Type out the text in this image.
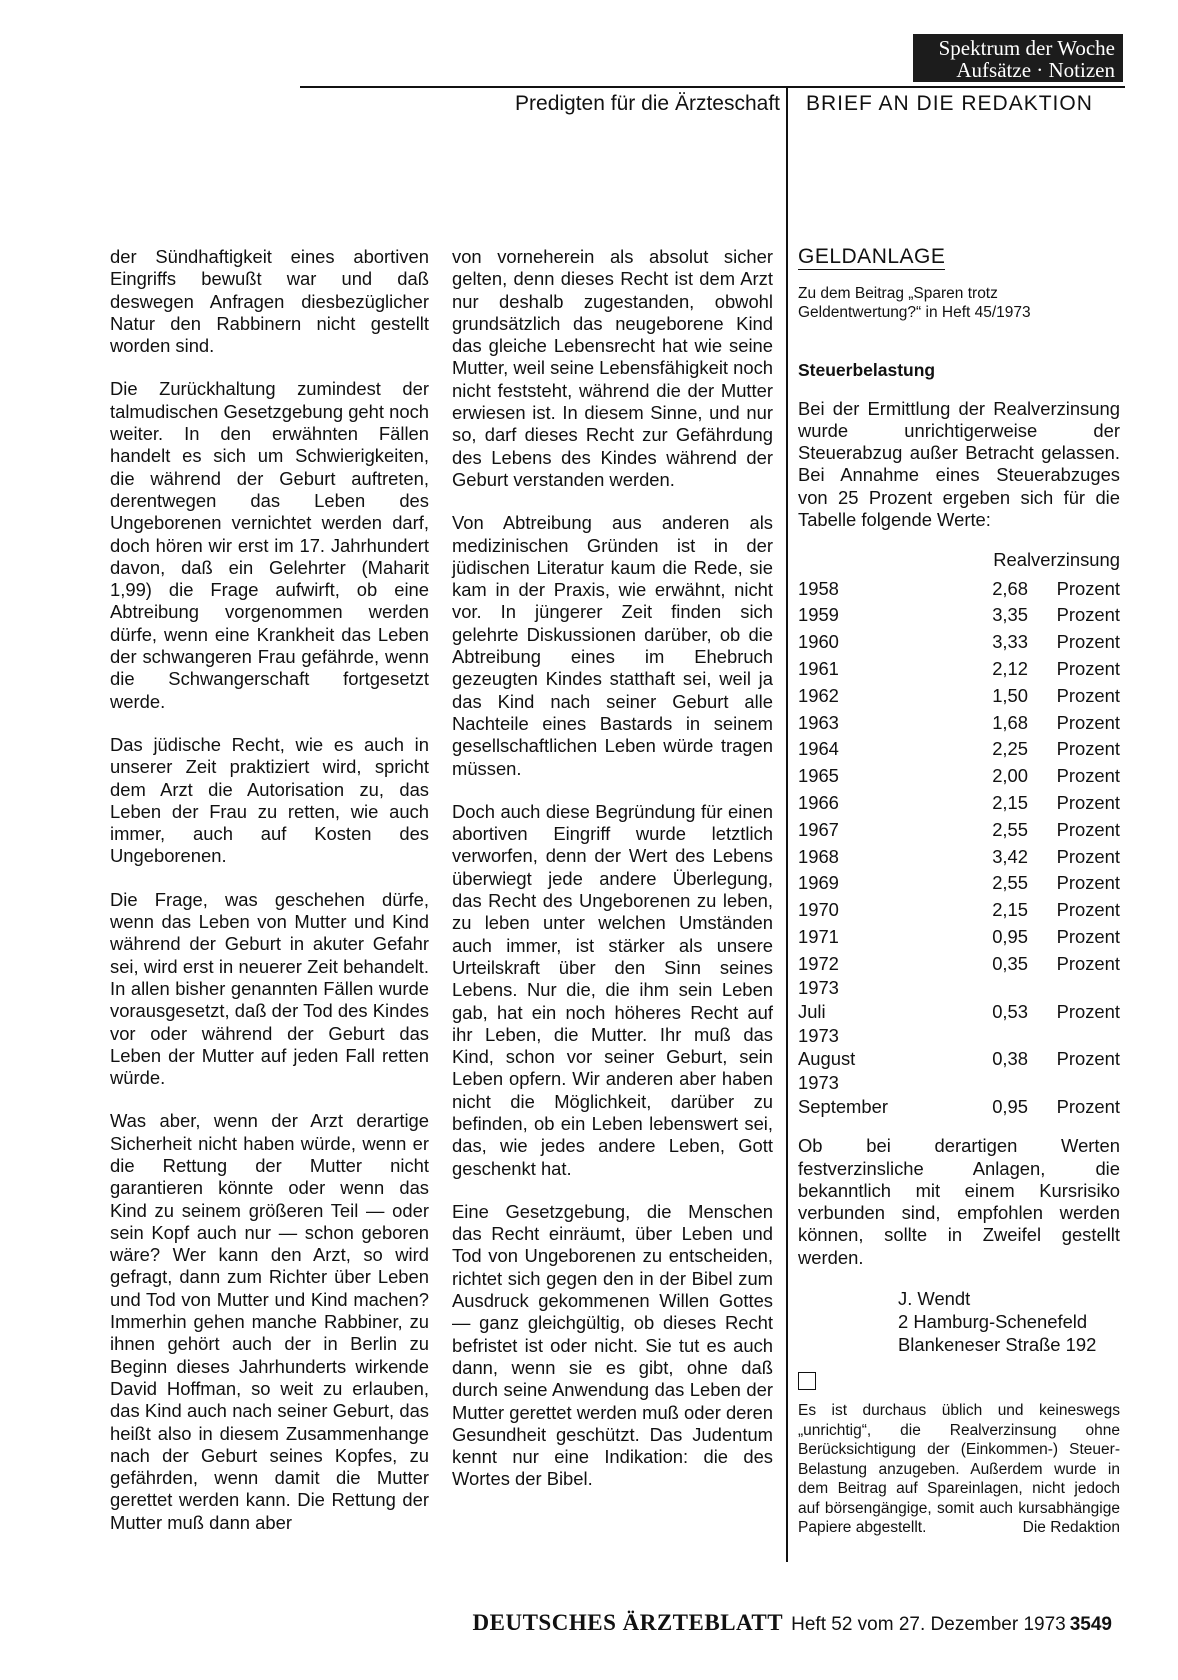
Spektrum der Woche
Aufsätze · Notizen
Predigten für die Ärzteschaft BRIEF AN DIE REDAKTION

der Sündhaftigkeit eines abortiven Eingriffs bewußt war und daß deswegen Anfragen diesbezüglicher Natur den Rabbinern nicht gestellt worden sind.

Die Zurückhaltung zumindest der talmudischen Gesetzgebung geht noch weiter. In den erwähnten Fällen handelt es sich um Schwierigkeiten, die während der Geburt auftreten, derentwegen das Leben des Ungeborenen vernichtet werden darf, doch hören wir erst im 17. Jahrhundert davon, daß ein Gelehrter (Maharit 1,99) die Frage aufwirft, ob eine Abtreibung vorgenommen werden dürfe, wenn eine Krankheit das Leben der schwangeren Frau gefährde, wenn die Schwangerschaft fortgesetzt werde.

Das jüdische Recht, wie es auch in unserer Zeit praktiziert wird, spricht dem Arzt die Autorisation zu, das Leben der Frau zu retten, wie auch immer, auch auf Kosten des Ungeborenen.

Die Frage, was geschehen dürfe, wenn das Leben von Mutter und Kind während der Geburt in akuter Gefahr sei, wird erst in neuerer Zeit behandelt. In allen bisher genannten Fällen wurde vorausgesetzt, daß der Tod des Kindes vor oder während der Geburt das Leben der Mutter auf jeden Fall retten würde.

Was aber, wenn der Arzt derartige Sicherheit nicht haben würde, wenn er die Rettung der Mutter nicht garantieren könnte oder wenn das Kind zu seinem größeren Teil — oder sein Kopf auch nur — schon geboren wäre? Wer kann den Arzt, so wird gefragt, dann zum Richter über Leben und Tod von Mutter und Kind machen? Immerhin gehen manche Rabbiner, zu ihnen gehört auch der in Berlin zu Beginn dieses Jahrhunderts wirkende David Hoffman, so weit zu erlauben, das Kind auch nach seiner Geburt, das heißt also in diesem Zusammenhange nach der Geburt seines Kopfes, zu gefährden, wenn damit die Mutter gerettet werden kann. Die Rettung der Mutter muß dann aber

von vorneherein als absolut sicher gelten, denn dieses Recht ist dem Arzt nur deshalb zugestanden, obwohl grundsätzlich das neugeborene Kind das gleiche Lebensrecht hat wie seine Mutter, weil seine Lebensfähigkeit noch nicht feststeht, während die der Mutter erwiesen ist. In diesem Sinne, und nur so, darf dieses Recht zur Gefährdung des Lebens des Kindes während der Geburt verstanden werden.

Von Abtreibung aus anderen als medizinischen Gründen ist in der jüdischen Literatur kaum die Rede, sie kam in der Praxis, wie erwähnt, nicht vor. In jüngerer Zeit finden sich gelehrte Diskussionen darüber, ob die Abtreibung eines im Ehebruch gezeugten Kindes statthaft sei, weil ja das Kind nach seiner Geburt alle Nachteile eines Bastards in seinem gesellschaftlichen Leben würde tragen müssen.

Doch auch diese Begründung für einen abortiven Eingriff wurde letztlich verworfen, denn der Wert des Lebens überwiegt jede andere Überlegung, das Recht des Ungeborenen zu leben, zu leben unter welchen Umständen auch immer, ist stärker als unsere Urteilskraft über den Sinn seines Lebens. Nur die, die ihm sein Leben gab, hat ein noch höheres Recht auf ihr Leben, die Mutter. Ihr muß das Kind, schon vor seiner Geburt, sein Leben opfern. Wir anderen aber haben nicht die Möglichkeit, darüber zu befinden, ob ein Leben lebenswert sei, das, wie jedes andere Leben, Gott geschenkt hat.

Eine Gesetzgebung, die Menschen das Recht einräumt, über Leben und Tod von Ungeborenen zu entscheiden, richtet sich gegen den in der Bibel zum Ausdruck gekommenen Willen Gottes — ganz gleichgültig, ob dieses Recht befristet ist oder nicht. Sie tut es auch dann, wenn sie es gibt, ohne daß durch seine Anwendung das Leben der Mutter gerettet werden muß oder deren Gesundheit geschützt. Das Judentum kennt nur eine Indikation: die des Wortes der Bibel.

GELDANLAGE
Zu dem Beitrag „Sparen trotz Geldentwertung?“ in Heft 45/1973
Steuerbelastung

Bei der Ermittlung der Realverzinsung wurde unrichtigerweise der Steuerabzug außer Betracht gelassen. Bei Annahme eines Steuerabzuges von 25 Prozent ergeben sich für die Tabelle folgende Werte:

Realverzinsung		
1958	2,68	Prozent
1959	3,35	Prozent
1960	3,33	Prozent
1961	2,12	Prozent
1962	1,50	Prozent
1963	1,68	Prozent
1964	2,25	Prozent
1965	2,00	Prozent
1966	2,15	Prozent
1967	2,55	Prozent
1968	3,42	Prozent
1969	2,55	Prozent
1970	2,15	Prozent
1971	0,95	Prozent
1972	0,35	Prozent
1973		
Juli	0,53	Prozent
1973		
August	0,38	Prozent
1973		
September	0,95	Prozent

Ob bei derartigen Werten festverzinsliche Anlagen, die bekanntlich mit einem Kursrisiko verbunden sind, empfohlen werden können, sollte in Zweifel gestellt werden.

J. Wendt
2 Hamburg-Schenefeld
Blankeneser Straße 192
Es ist durchaus üblich und keineswegs „unrichtig“, die Realverzinsung ohne Berücksichtigung der (Einkommen-) Steuer-Belastung anzugeben. Außerdem wurde in dem Beitrag auf Spareinlagen, nicht jedoch auf börsengängige, somit auch kursabhängige Papiere abgestellt.	Die Redaktion
DEUTSCHES ÄRZTEBLATT Heft 52 vom 27. Dezember 1973 3549
